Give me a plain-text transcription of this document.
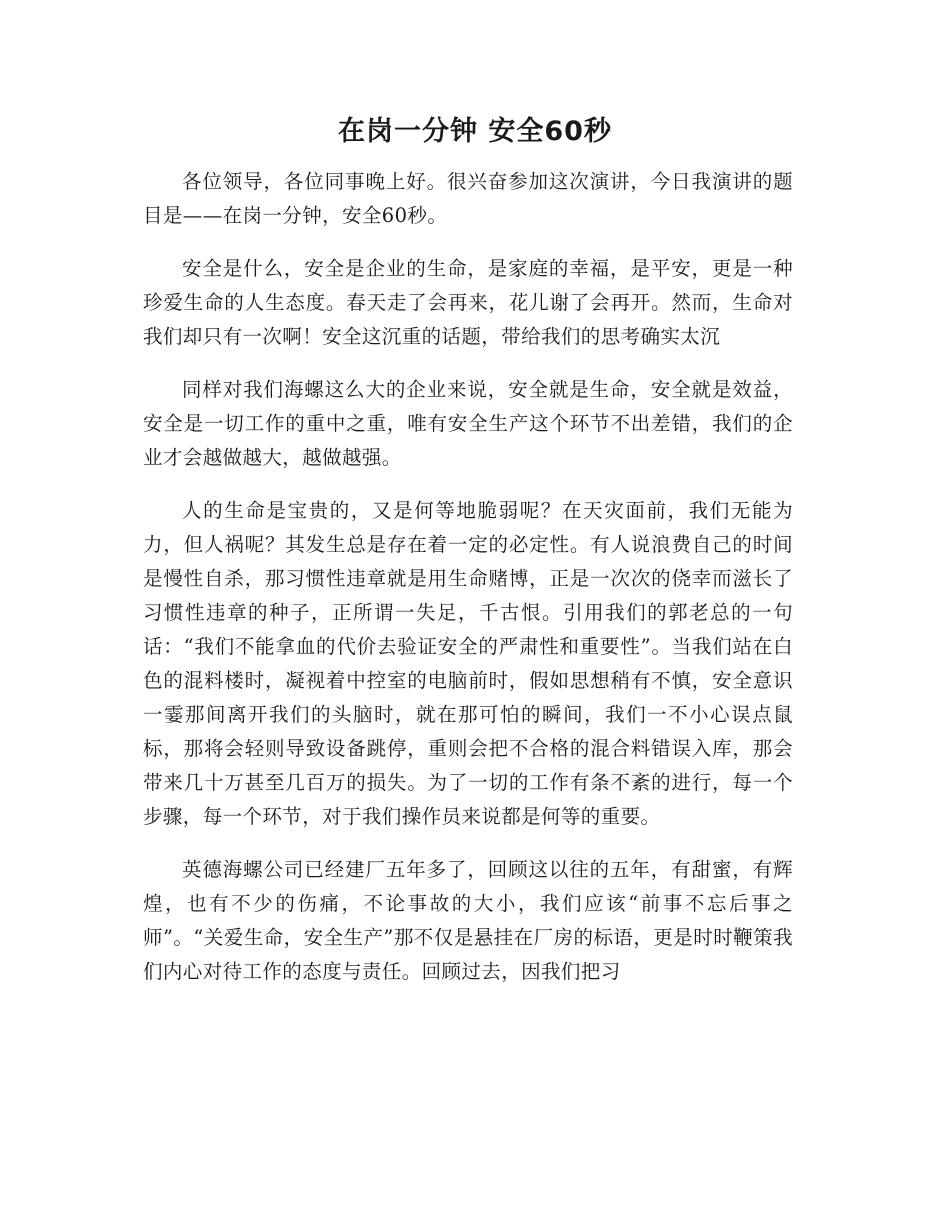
在岗一分钟 安全60秒

各位领导，各位同事晚上好。很兴奋参加这次演讲，今日我演讲的题目是——在岗一分钟，安全60秒。

安全是什么，安全是企业的生命，是家庭的幸福，是平安，更是一种珍爱生命的人生态度。春天走了会再来，花儿谢了会再开。然而，生命对我们却只有一次啊！安全这沉重的话题，带给我们的思考确实太沉

同样对我们海螺这么大的企业来说，安全就是生命，安全就是效益，安全是一切工作的重中之重，唯有安全生产这个环节不出差错，我们的企业才会越做越大，越做越强。

人的生命是宝贵的，又是何等地脆弱呢？在天灾面前，我们无能为力，但人祸呢？其发生总是存在着一定的必定性。有人说浪费自己的时间是慢性自杀，那习惯性违章就是用生命赌博，正是一次次的侥幸而滋长了习惯性违章的种子，正所谓一失足，千古恨。引用我们的郭老总的一句话：“我们不能拿血的代价去验证安全的严肃性和重要性”。当我们站在白色的混料楼时，凝视着中控室的电脑前时，假如思想稍有不慎，安全意识一霎那间离开我们的头脑时，就在那可怕的瞬间，我们一不小心误点鼠标，那将会轻则导致设备跳停，重则会把不合格的混合料错误入库，那会带来几十万甚至几百万的损失。为了一切的工作有条不紊的进行，每一个步骤，每一个环节，对于我们操作员来说都是何等的重要。

英德海螺公司已经建厂五年多了，回顾这以往的五年，有甜蜜，有辉煌，也有不少的伤痛，不论事故的大小，我们应该“前事不忘后事之师”。“关爱生命，安全生产”那不仅是悬挂在厂房的标语，更是时时鞭策我们内心对待工作的态度与责任。回顾过去，因我们把习
